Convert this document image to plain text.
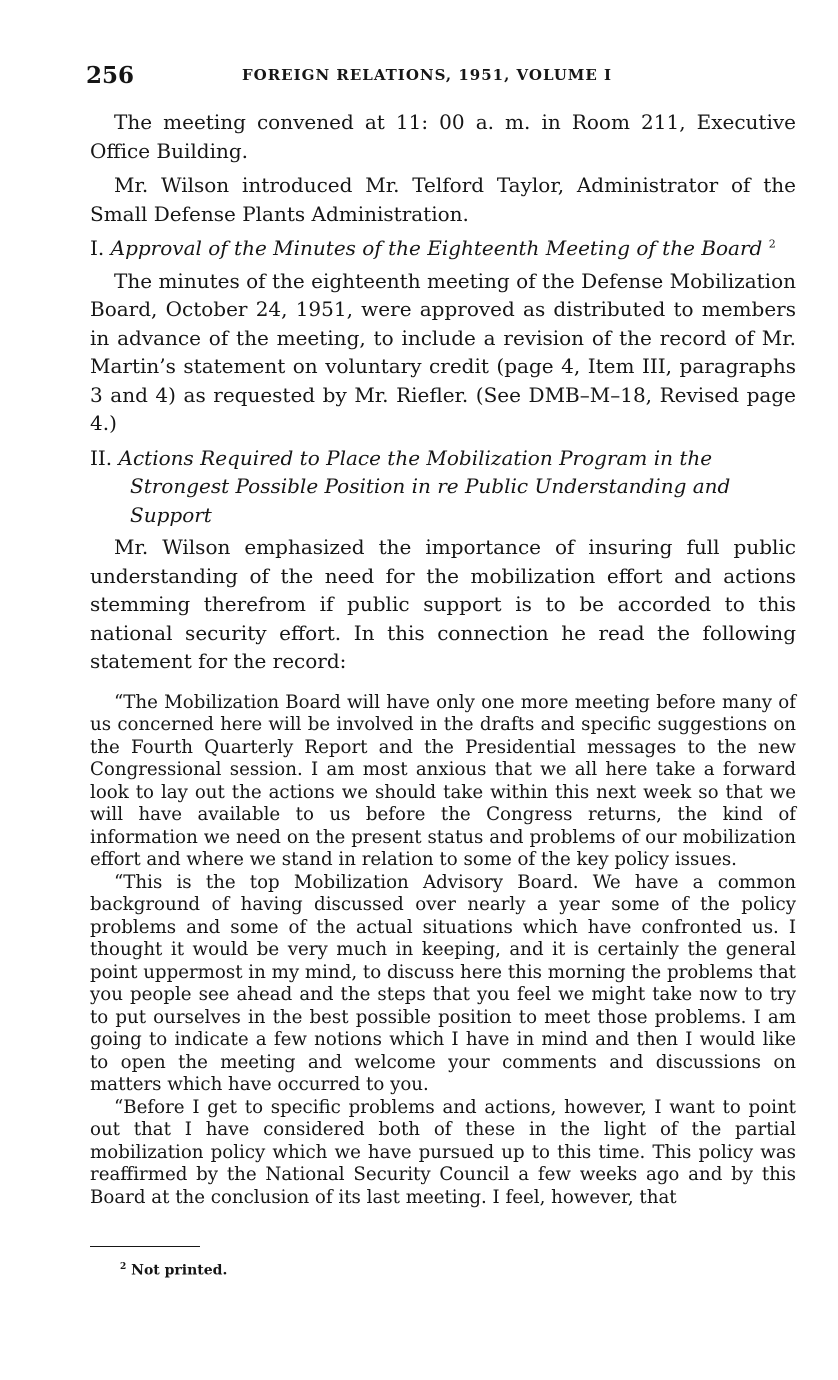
256	FOREIGN RELATIONS, 1951, VOLUME I

The meeting convened at 11: 00 a. m. in Room 211, Executive Office Building.

Mr. Wilson introduced Mr. Telford Taylor, Administrator of the Small Defense Plants Administration.

I. Approval of the Minutes of the Eighteenth Meeting of the Board $^2$

The minutes of the eighteenth meeting of the Defense Mobilization Board, October 24, 1951, were approved as distributed to members in advance of the meeting, to include a revision of the record of Mr. Martin’s statement on voluntary credit (page 4, Item III, paragraphs 3 and 4) as requested by Mr. Riefler. (See DMB–M–18, Revised page 4.)

II. Actions Required to Place the Mobilization Program in the Strongest Possible Position in re Public Understanding and Support

Mr. Wilson emphasized the importance of insuring full public understanding of the need for the mobilization effort and actions stemming therefrom if public support is to be accorded to this national security effort. In this connection he read the following statement for the record:

“The Mobilization Board will have only one more meeting before many of us concerned here will be involved in the drafts and specific suggestions on the Fourth Quarterly Report and the Presidential messages to the new Congressional session. I am most anxious that we all here take a forward look to lay out the actions we should take within this next week so that we will have available to us before the Congress returns, the kind of information we need on the present status and problems of our mobilization effort and where we stand in relation to some of the key policy issues.

“This is the top Mobilization Advisory Board. We have a common background of having discussed over nearly a year some of the policy problems and some of the actual situations which have confronted us. I thought it would be very much in keeping, and it is certainly the general point uppermost in my mind, to discuss here this morning the problems that you people see ahead and the steps that you feel we might take now to try to put ourselves in the best possible position to meet those problems. I am going to indicate a few notions which I have in mind and then I would like to open the meeting and welcome your comments and discussions on matters which have occurred to you.

“Before I get to specific problems and actions, however, I want to point out that I have considered both of these in the light of the partial mobilization policy which we have pursued up to this time. This policy was reaffirmed by the National Security Council a few weeks ago and by this Board at the conclusion of its last meeting. I feel, however, that

$^2$ Not printed.
